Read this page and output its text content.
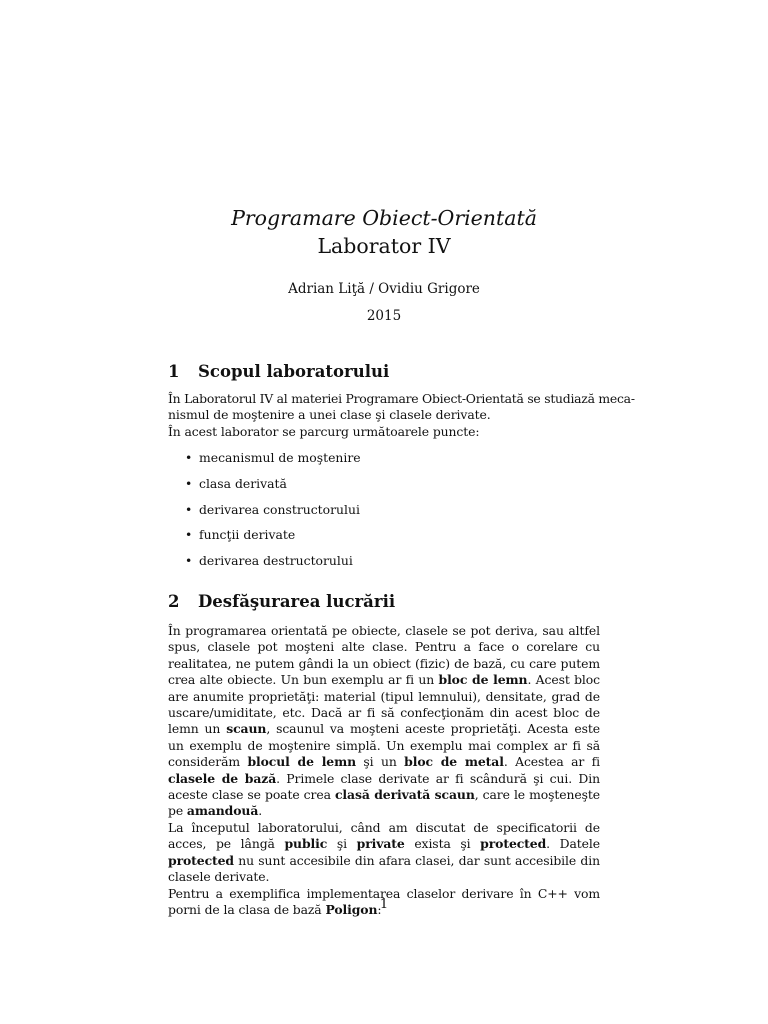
Programare Obiect-Orientată
Laborator IV
Adrian Liţă / Ovidiu Grigore
2015
1 Scopul laboratorului
În Laboratorul IV al materiei Programare Obiect-Orientată se studiază meca-
nismul de moştenire a unei clase şi clasele derivate.
În acest laborator se parcurg următoarele puncte:
• mecanismul de moştenire
• clasa derivată
• derivarea constructorului
• funcţii derivate
• derivarea destructorului
2 Desfăşurarea lucrării
În programarea orientată pe obiecte, clasele se pot deriva, sau altfel spus, clasele pot moşteni alte clase. Pentru a face o corelare cu realitatea, ne putem gândi la un obiect (fizic) de bază, cu care putem crea alte obiecte. Un bun exemplu ar fi un bloc de lemn. Acest bloc are anumite proprietăţi: material (tipul lemnului), densitate, grad de uscare/umiditate, etc. Dacă ar fi să confecţionăm din acest bloc de lemn un scaun, scaunul va moşteni aceste proprietăţi. Acesta este un exemplu de moştenire simplă. Un exemplu mai complex ar fi să considerăm blocul de lemn şi un bloc de metal. Acestea ar fi clasele de bază. Primele clase derivate ar fi scândură şi cui. Din aceste clase se poate crea clasă derivată scaun, care le moşteneşte pe amandouă.
La începutul laboratorului, când am discutat de specificatorii de acces, pe lângă public şi private exista şi protected. Datele protected nu sunt accesibile din afara clasei, dar sunt accesibile din clasele derivate.
Pentru a exemplifica implementarea claselor derivare în C++ vom porni de la clasa de bază Poligon:
1
